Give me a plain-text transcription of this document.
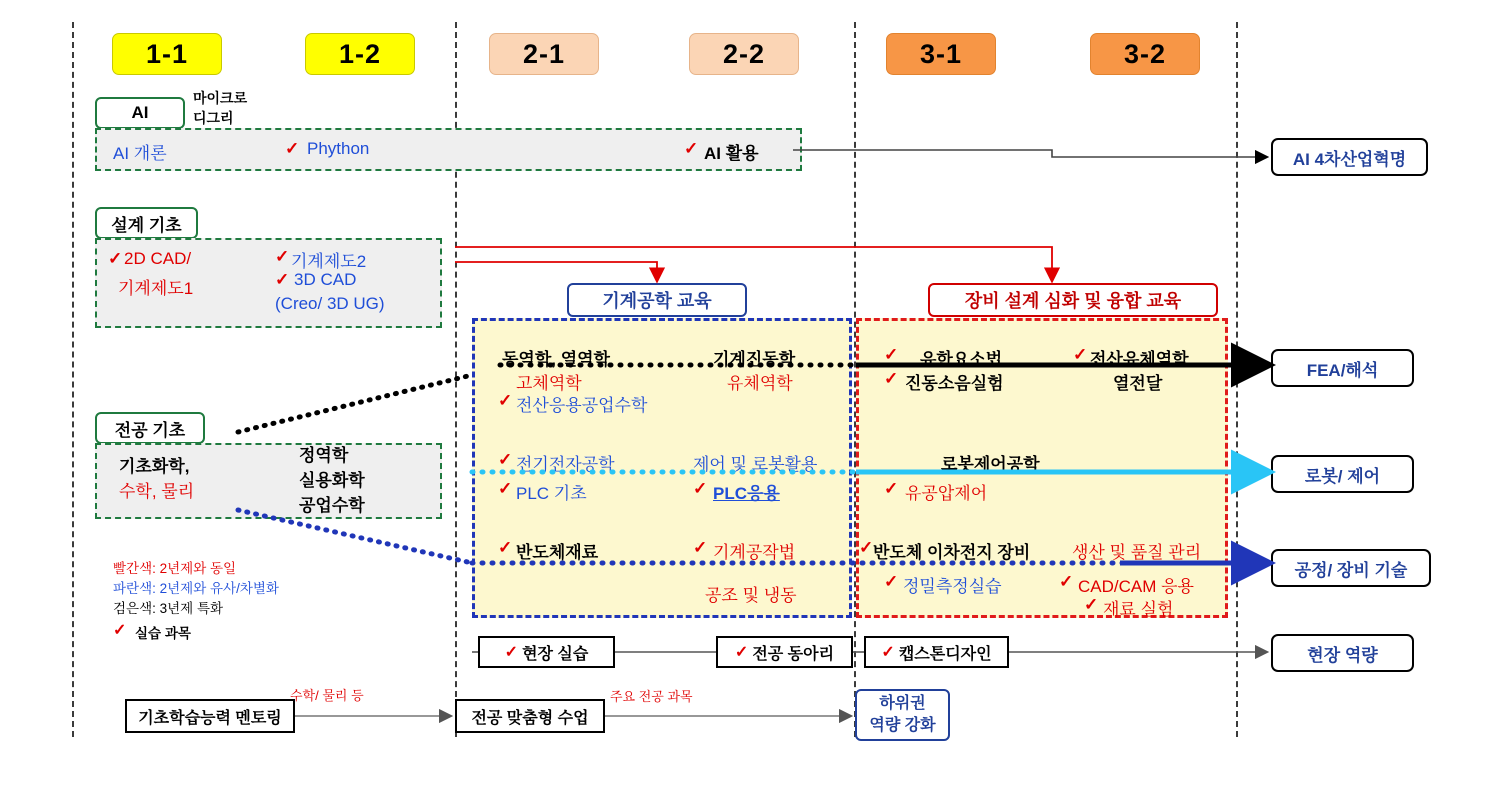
1-1	1-2	2-1	2-2	3-1	3-2
AI
마이크로
디그리
AI 개론	✓ Phython	✓ AI 활용
설계 기초
✓ 2D CAD/
기계제도1
✓ 기계제도2
✓ 3D CAD
(Creo/ 3D UG)	기계공학 교육	장비 설계 심화 및 융합 교육
전공 기초
기초화학,
수학, 물리
정역학
실용화학
공업수학
빨간색: 2년제와 동일
파란색: 2년제와 유사/차별화
검은색: 3년제 특화
✓ 실습 과목
동역학, 열역학
고체역학
✓ 전산응용공업수학
기계진동학
유체역학
✓ 유한요소법
✓ 진동소음실험
✓ 전산유체역학
열전달
✓ 전기전자공학
✓ PLC 기초
제어 및 로봇활용
✓ PLC응용
로봇제어공학
✓ 유공압제어
✓ 반도체재료	✓ 기계공작법
공조 및 냉동
✓ 반도체 이차전지 장비
✓ 정밀측정실습
생산 및 품질 관리
✓ CAD/CAM 응용
✓ 재료 실험
✓ 현장 실습	✓ 전공 동아리	✓ 캡스톤디자인
기초학습능력 멘토링
수학/ 물리 등
전공 맞춤형 수업
주요 전공 과목	하위권
역량 강화
AI 4차산업혁명
FEA/해석
로봇/ 제어
공정/ 장비 기술
현장 역량
